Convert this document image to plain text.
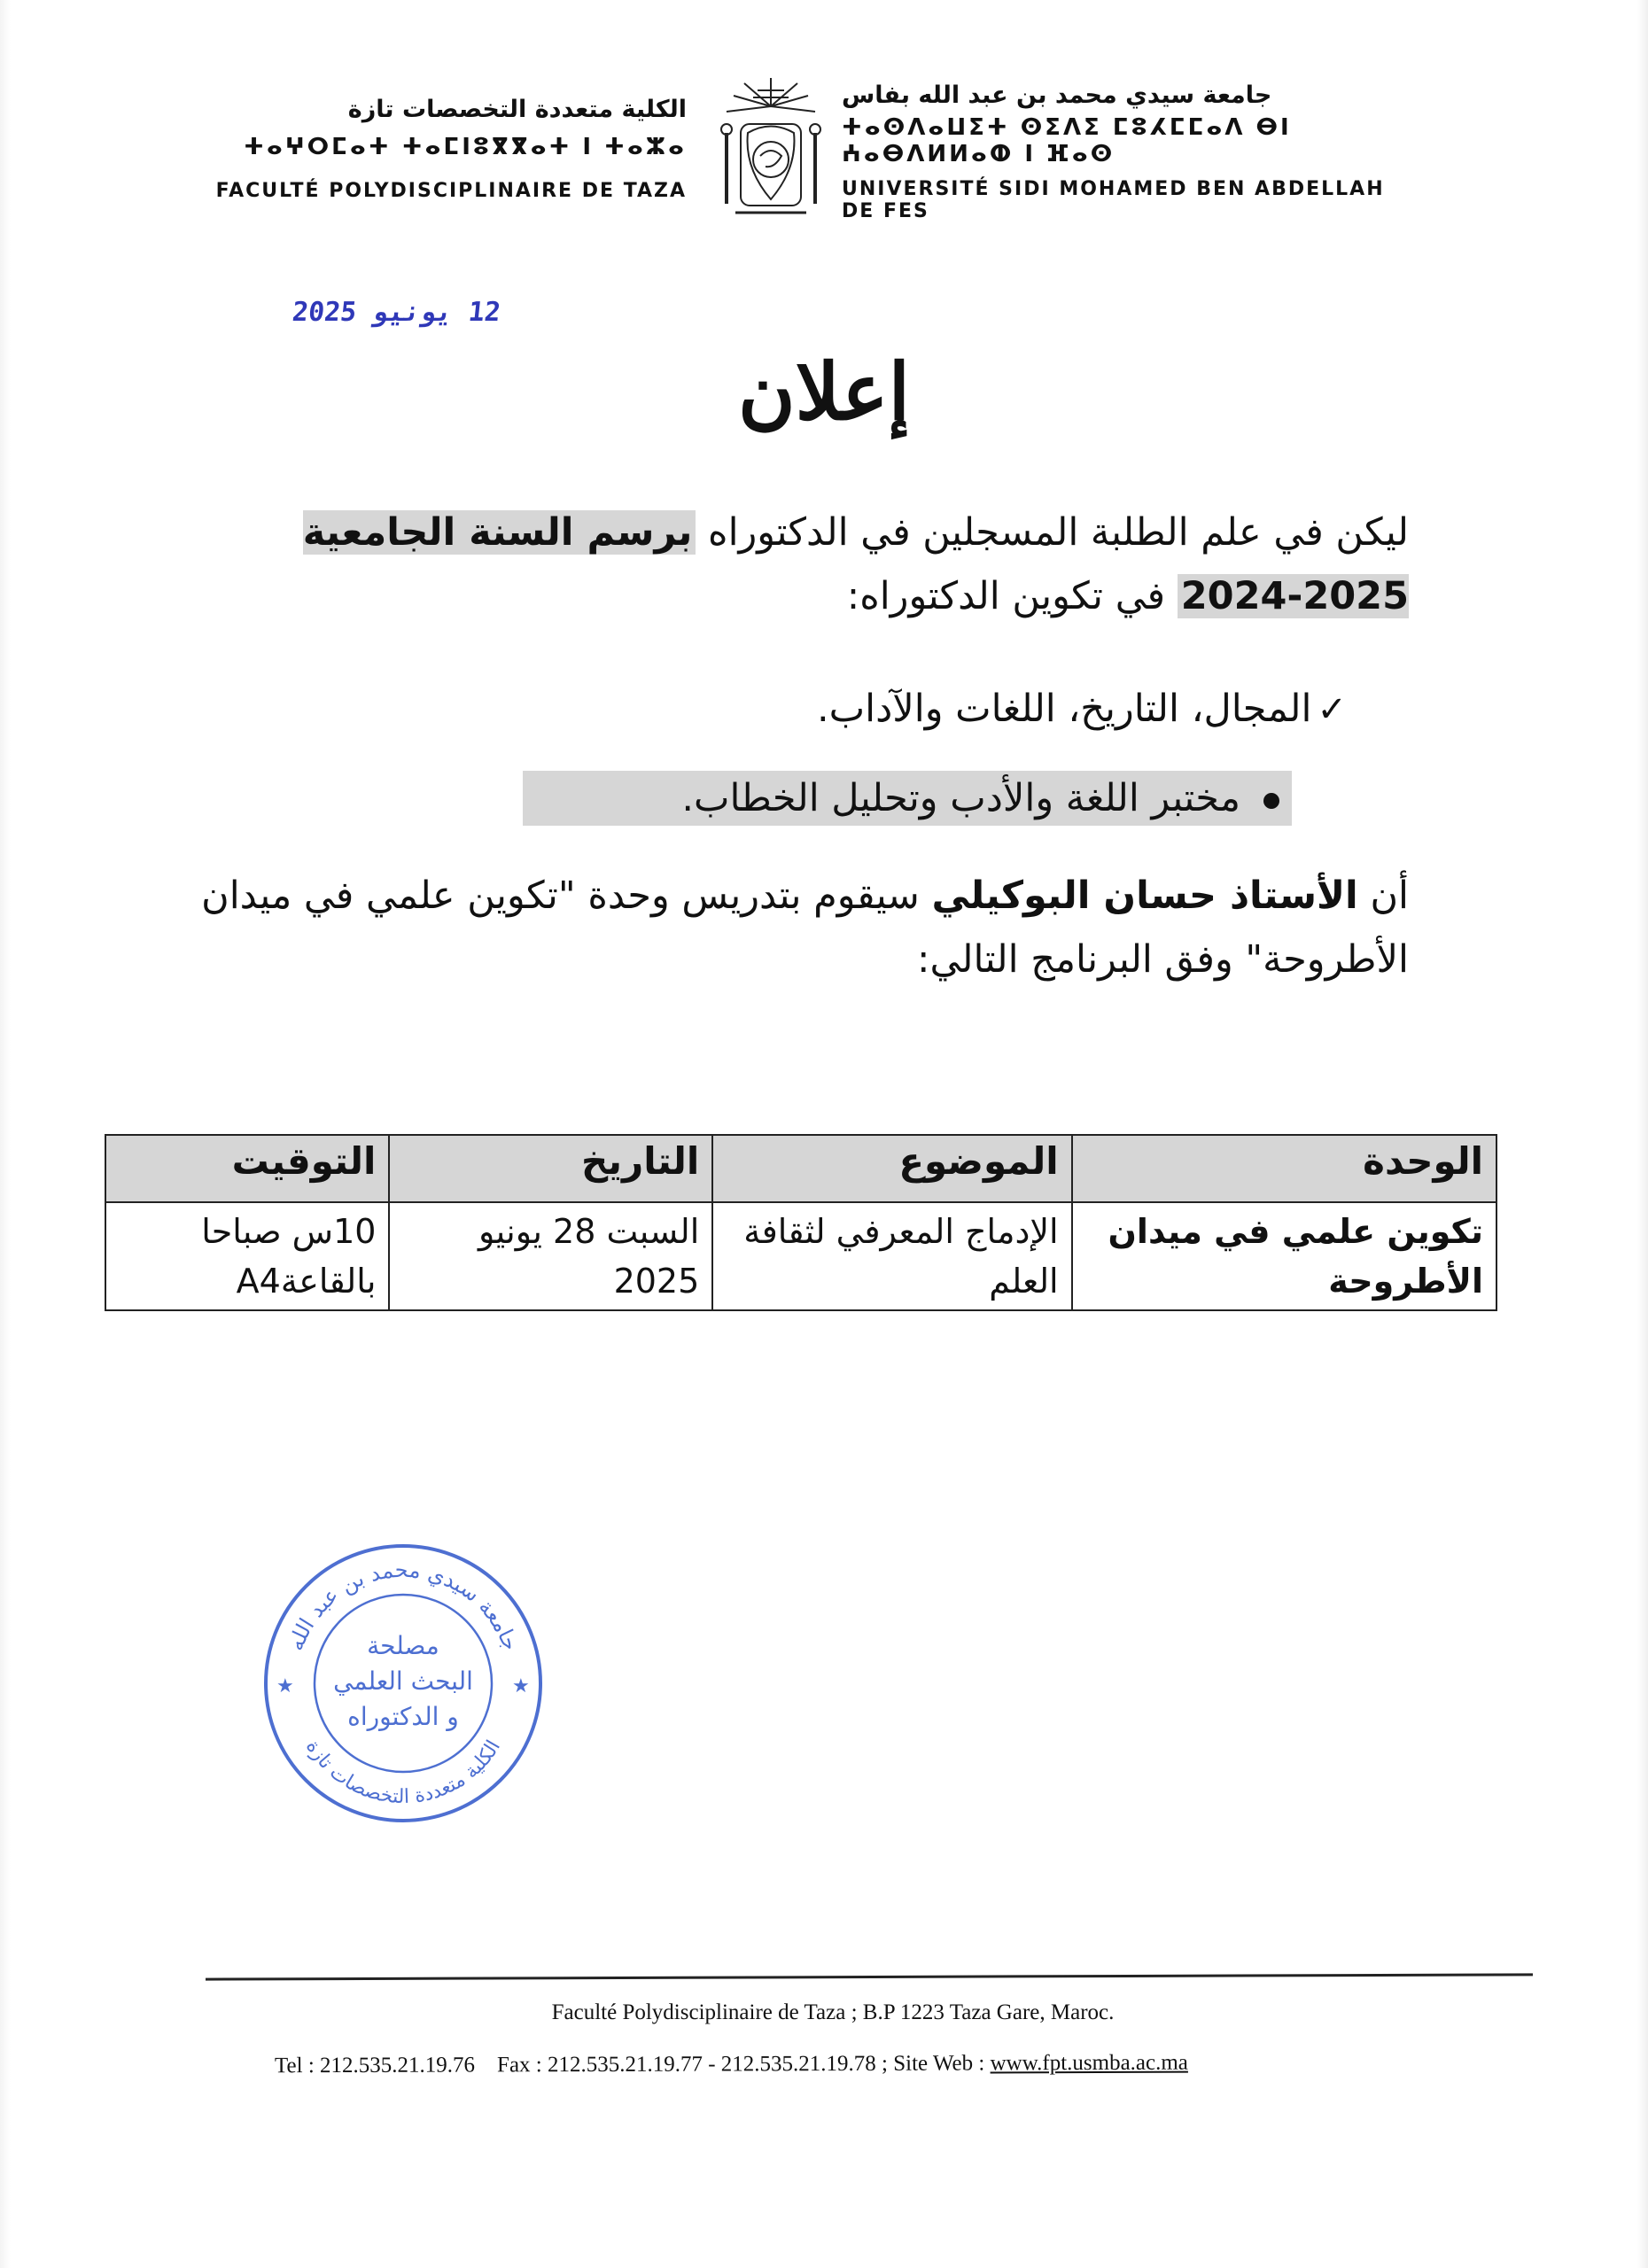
جامعة سيدي محمد بن عبد الله بفاس
ⵜⴰⵙⴷⴰⵡⵉⵜ ⵙⵉⴷⵉ ⵎⵓⵃⵎⵎⴰⴷ ⴱⵏ ⵄⴰⴱⴷⵍⵍⴰⵀ ⵏ ⴼⴰⵙ
UNIVERSITÉ SIDI MOHAMED BEN ABDELLAH DE FES
الكلية متعددة التخصصات تازة
ⵜⴰⵖⵔⵎⴰⵜ ⵜⴰⵎⵏⵓⴳⴳⴰⵜ ⵏ ⵜⴰⵣⴰ
FACULTÉ POLYDISCIPLINAIRE DE TAZA
12 يونيو 2025
إعلان
ليكن في علم الطلبة المسجلين في الدكتوراه برسم السنة الجامعية 2025-2024 في تكوين الدكتوراه:
✓المجال، التاريخ، اللغات والآداب.
مختبر اللغة والأدب وتحليل الخطاب.
أن الأستاذ حسان البوكيلي سيقوم بتدريس وحدة "تكوين علمي في ميدان الأطروحة" وفق البرنامج التالي:
الوحدة	الموضوع	التاريخ	التوقيت
تكوين علمي في ميدان الأطروحة	الإدماج المعرفي لثقافة العلم	السبت 28 يونيو 2025	10س صباحا بالقاعةA4
جامعة سيدي محمد بن عبد الله
الكلية متعددة التخصصات تازة
مصلحة
البحث العلمي
و الدكتوراه
★	★
Faculté Polydisciplinaire de Taza ; B.P 1223 Taza Gare, Maroc.
Tel : 212.535.21.19.76 Fax : 212.535.21.19.77 - 212.535.21.19.78 ; Site Web : www.fpt.usmba.ac.ma
